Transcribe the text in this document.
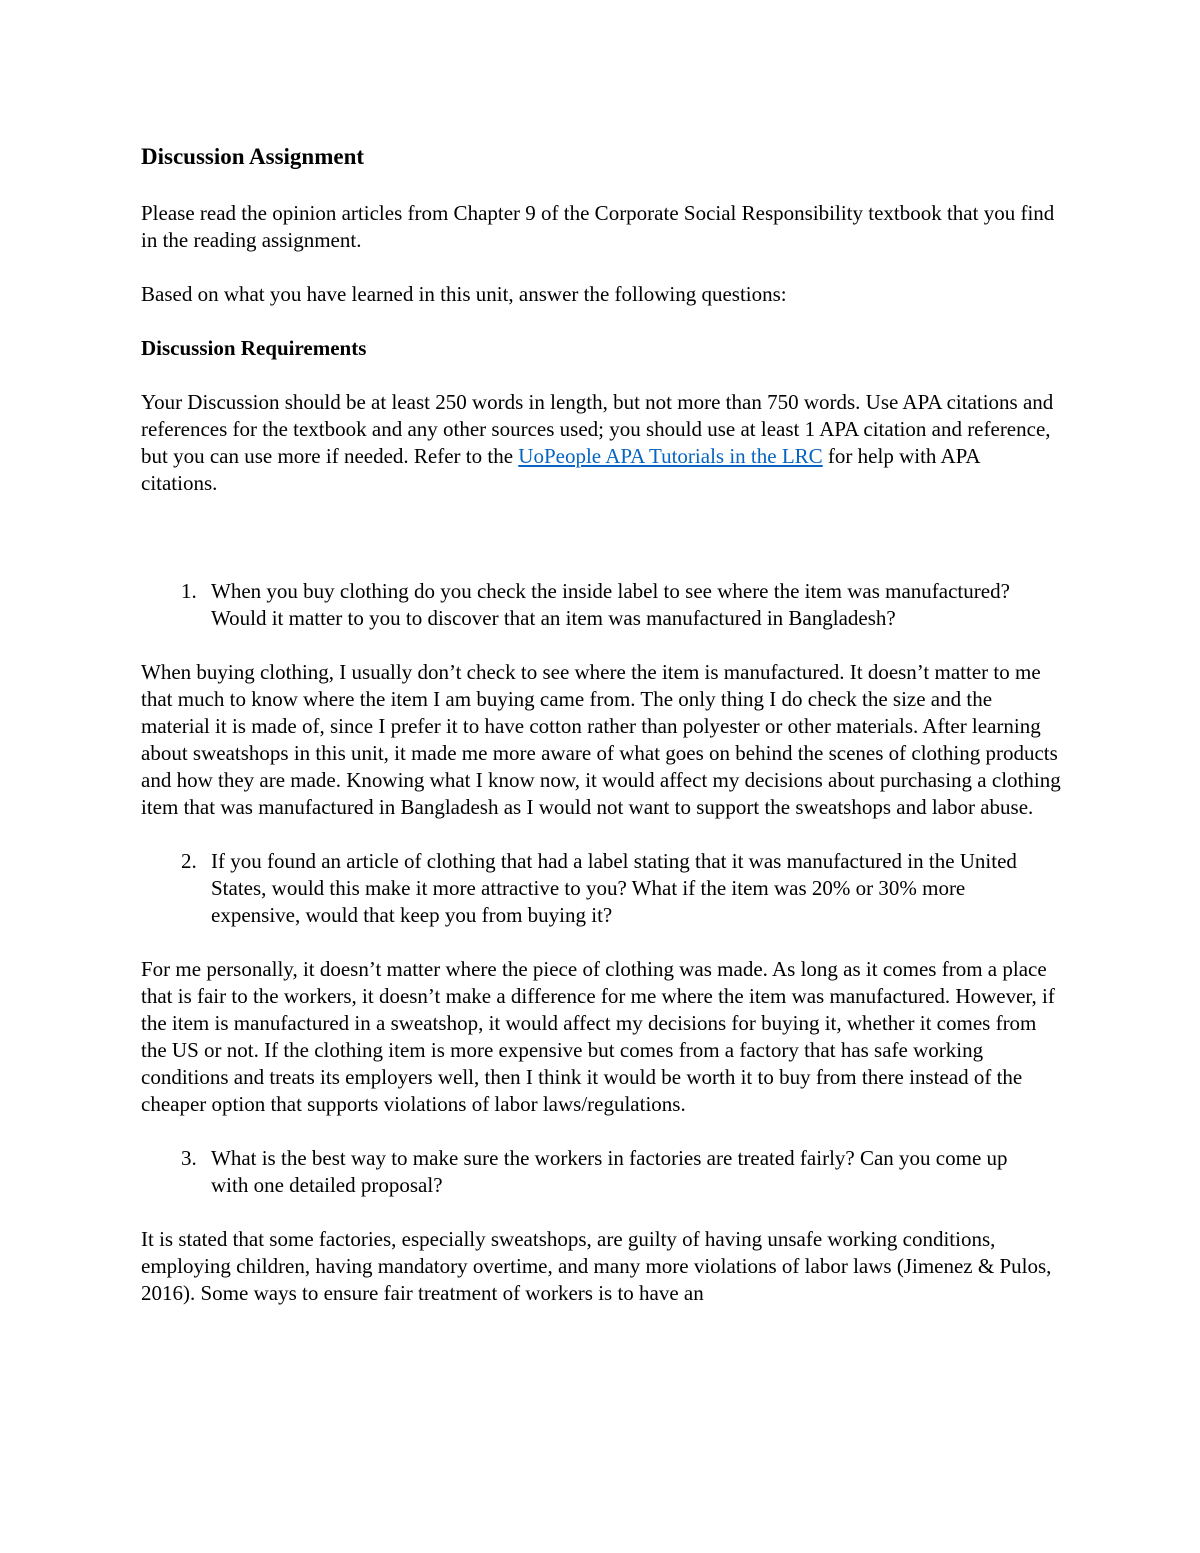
Discussion Assignment

Please read the opinion articles from Chapter 9 of the Corporate Social Responsibility textbook that you find in the reading assignment.

Based on what you have learned in this unit, answer the following questions:

Discussion Requirements

Your Discussion should be at least 250 words in length, but not more than 750 words. Use APA citations and references for the textbook and any other sources used; you should use at least 1 APA citation and reference, but you can use more if needed. Refer to the UoPeople APA Tutorials in the LRC for help with APA citations.

1. When you buy clothing do you check the inside label to see where the item was manufactured? Would it matter to you to discover that an item was manufactured in Bangladesh?

When buying clothing, I usually don’t check to see where the item is manufactured. It doesn’t matter to me that much to know where the item I am buying came from. The only thing I do check the size and the material it is made of, since I prefer it to have cotton rather than polyester or other materials. After learning about sweatshops in this unit, it made me more aware of what goes on behind the scenes of clothing products and how they are made. Knowing what I know now, it would affect my decisions about purchasing a clothing item that was manufactured in Bangladesh as I would not want to support the sweatshops and labor abuse.

2. If you found an article of clothing that had a label stating that it was manufactured in the United States, would this make it more attractive to you? What if the item was 20% or 30% more expensive, would that keep you from buying it?

For me personally, it doesn’t matter where the piece of clothing was made. As long as it comes from a place that is fair to the workers, it doesn’t make a difference for me where the item was manufactured. However, if the item is manufactured in a sweatshop, it would affect my decisions for buying it, whether it comes from the US or not. If the clothing item is more expensive but comes from a factory that has safe working conditions and treats its employers well, then I think it would be worth it to buy from there instead of the cheaper option that supports violations of labor laws/regulations.

3. What is the best way to make sure the workers in factories are treated fairly? Can you come up with one detailed proposal?

It is stated that some factories, especially sweatshops, are guilty of having unsafe working conditions, employing children, having mandatory overtime, and many more violations of labor laws (Jimenez & Pulos, 2016). Some ways to ensure fair treatment of workers is to have an
